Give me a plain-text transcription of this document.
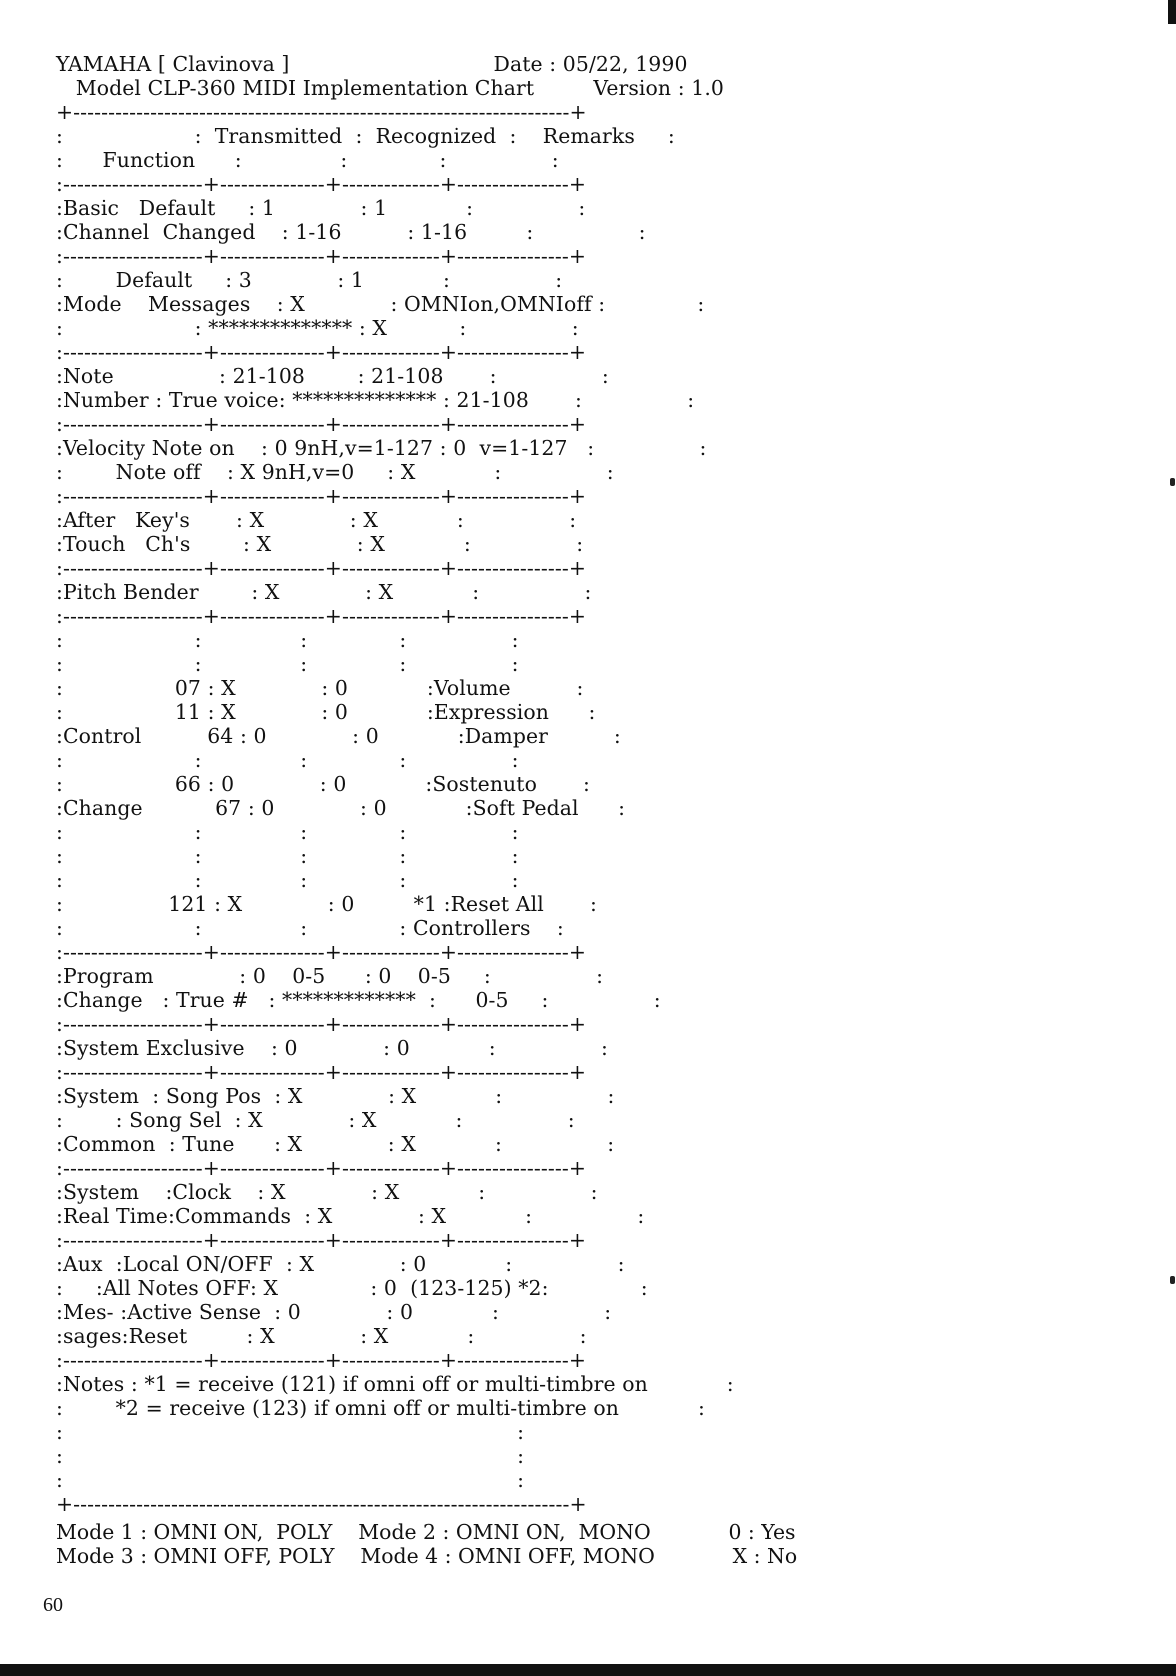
YAMAHA [ Clavinova ]                               Date : 05/22, 1990
Model CLP-360 MIDI Implementation Chart         Version : 1.0
+-----------------------------------------------------------------------+
:                    :  Transmitted  :  Recognized  :    Remarks     :
:      Function      :               :              :                :
:--------------------+---------------+--------------+----------------+
:Basic   Default     : 1             : 1            :                :
:Channel  Changed    : 1-16          : 1-16         :                :
:--------------------+---------------+--------------+----------------+
:        Default     : 3             : 1            :                :
:Mode    Messages    : X             : OMNIon,OMNIoff :              :
:                    : ************** : X           :                :
:--------------------+---------------+--------------+----------------+
:Note                : 21-108        : 21-108       :                :
:Number : True voice: ************** : 21-108       :                :
:--------------------+---------------+--------------+----------------+
:Velocity Note on    : 0 9nH,v=1-127 : 0  v=1-127   :                :
:        Note off    : X 9nH,v=0     : X            :                :
:--------------------+---------------+--------------+----------------+
:After   Key's       : X             : X            :                :
:Touch   Ch's        : X             : X            :                :
:--------------------+---------------+--------------+----------------+
:Pitch Bender        : X             : X            :                :
:--------------------+---------------+--------------+----------------+
:                    :               :              :                :
:                    :               :              :                :
:                 07 : X             : 0            :Volume          :
:                 11 : X             : 0            :Expression      :
:Control          64 : 0             : 0            :Damper          :
:                    :               :              :                :
:                 66 : 0             : 0            :Sostenuto       :
:Change           67 : 0             : 0            :Soft Pedal      :
:                    :               :              :                :
:                    :               :              :                :
:                    :               :              :                :
:                121 : X             : 0         *1 :Reset All       :
:                    :               :              : Controllers    :
:--------------------+---------------+--------------+----------------+
:Program             : 0    0-5      : 0    0-5     :                :
:Change   : True #   : *************  :      0-5     :                :
:--------------------+---------------+--------------+----------------+
:System Exclusive    : 0             : 0            :                :
:--------------------+---------------+--------------+----------------+
:System  : Song Pos  : X             : X            :                :
:        : Song Sel  : X             : X            :                :
:Common  : Tune      : X             : X            :                :
:--------------------+---------------+--------------+----------------+
:System    :Clock    : X             : X            :                :
:Real Time:Commands  : X             : X            :                :
:--------------------+---------------+--------------+----------------+
:Aux  :Local ON/OFF  : X             : 0            :                :
:     :All Notes OFF: X              : 0  (123-125) *2:              :
:Mes- :Active Sense  : 0             : 0            :                :
:sages:Reset         : X             : X            :                :
:--------------------+---------------+--------------+----------------+
:Notes : *1 = receive (121) if omni off or multi-timbre on            :
:        *2 = receive (123) if omni off or multi-timbre on            :
:                                                                     :
:                                                                     :
:                                                                     :
+-----------------------------------------------------------------------+
Mode 1 : OMNI ON,  POLY    Mode 2 : OMNI ON,  MONO            0 : Yes
Mode 3 : OMNI OFF, POLY    Mode 4 : OMNI OFF, MONO            X : No
60
